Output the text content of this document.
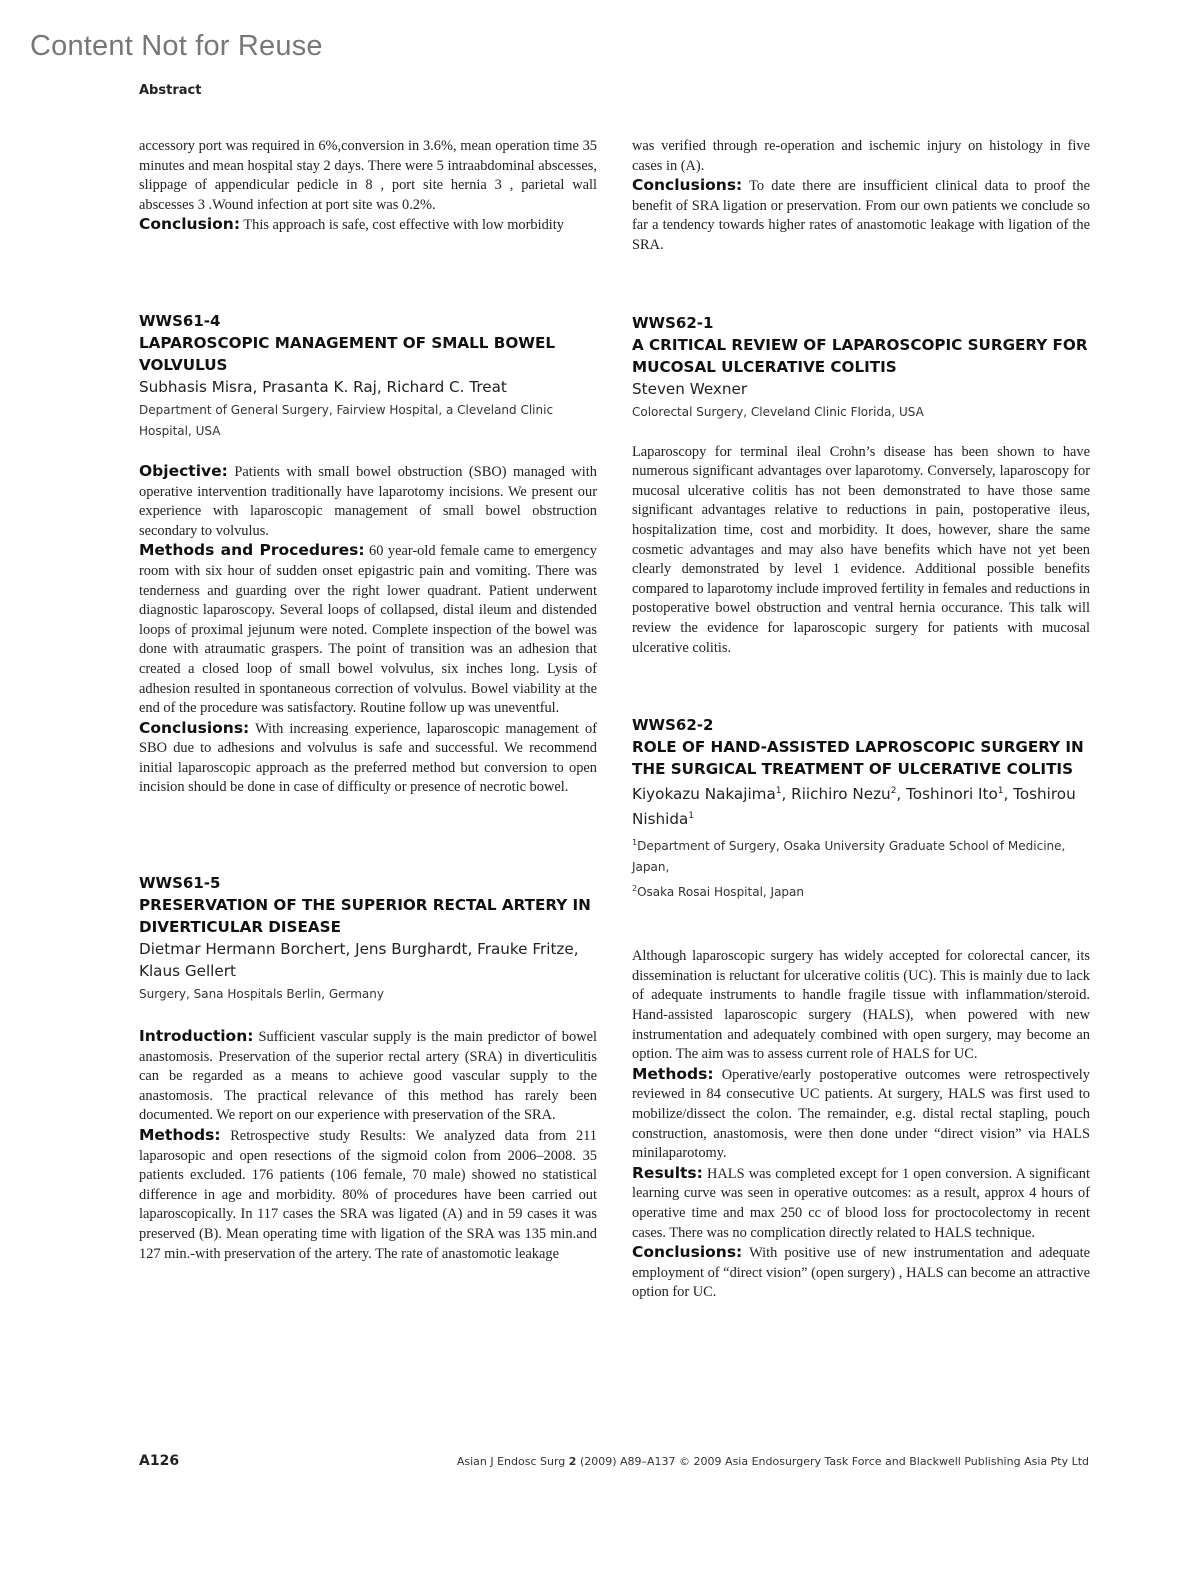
Content Not for Reuse
Abstract

accessory port was required in 6%,conversion in 3.6%, mean operation time 35 minutes and mean hospital stay 2 days. There were 5 intraabdominal abscesses, slippage of appendicular pedicle in 8 , port site hernia 3 , parietal wall abscesses 3 .Wound infection at port site was 0.2%.

Conclusion: This approach is safe, cost effective with low morbidity

WWS61-4

LAPAROSCOPIC MANAGEMENT OF SMALL BOWEL VOLVULUS

Subhasis Misra, Prasanta K. Raj, Richard C. Treat

Department of General Surgery, Fairview Hospital, a Cleveland Clinic Hospital, USA

Objective: Patients with small bowel obstruction (SBO) managed with operative intervention traditionally have laparotomy incisions. We present our experience with laparoscopic management of small bowel obstruction secondary to volvulus.

Methods and Procedures: 60 year-old female came to emergency room with six hour of sudden onset epigastric pain and vomiting. There was tenderness and guarding over the right lower quadrant. Patient underwent diagnostic laparoscopy. Several loops of collapsed, distal ileum and distended loops of proximal jejunum were noted. Complete inspection of the bowel was done with atraumatic graspers. The point of transition was an adhesion that created a closed loop of small bowel volvulus, six inches long. Lysis of adhesion resulted in spontaneous correction of volvulus. Bowel viability at the end of the procedure was satisfactory. Routine follow up was uneventful.

Conclusions: With increasing experience, laparoscopic management of SBO due to adhesions and volvulus is safe and successful. We recommend initial laparoscopic approach as the preferred method but conversion to open incision should be done in case of difficulty or presence of necrotic bowel.

WWS61-5

PRESERVATION OF THE SUPERIOR RECTAL ARTERY IN DIVERTICULAR DISEASE

Dietmar Hermann Borchert, Jens Burghardt, Frauke Fritze, Klaus Gellert

Surgery, Sana Hospitals Berlin, Germany

Introduction: Sufficient vascular supply is the main predictor of bowel anastomosis. Preservation of the superior rectal artery (SRA) in diverticulitis can be regarded as a means to achieve good vascular supply to the anastomosis. The practical relevance of this method has rarely been documented. We report on our experience with preservation of the SRA.

Methods: Retrospective study Results: We analyzed data from 211 laparosopic and open resections of the sigmoid colon from 2006–2008. 35 patients excluded. 176 patients (106 female, 70 male) showed no statistical difference in age and morbidity. 80% of procedures have been carried out laparoscopically. In 117 cases the SRA was ligated (A) and in 59 cases it was preserved (B). Mean operating time with ligation of the SRA was 135 min.and 127 min.-with preservation of the artery. The rate of anastomotic leakage

was verified through re-operation and ischemic injury on histology in five cases in (A).

Conclusions: To date there are insufficient clinical data to proof the benefit of SRA ligation or preservation. From our own patients we conclude so far a tendency towards higher rates of anastomotic leakage with ligation of the SRA.

WWS62-1

A CRITICAL REVIEW OF LAPAROSCOPIC SURGERY FOR MUCOSAL ULCERATIVE COLITIS

Steven Wexner

Colorectal Surgery, Cleveland Clinic Florida, USA

Laparoscopy for terminal ileal Crohn’s disease has been shown to have numerous significant advantages over laparotomy. Conversely, laparoscopy for mucosal ulcerative colitis has not been demonstrated to have those same significant advantages relative to reductions in pain, postoperative ileus, hospitalization time, cost and morbidity. It does, however, share the same cosmetic advantages and may also have benefits which have not yet been clearly demonstrated by level 1 evidence. Additional possible benefits compared to laparotomy include improved fertility in females and reductions in postoperative bowel obstruction and ventral hernia occurance. This talk will review the evidence for laparoscopic surgery for patients with mucosal ulcerative colitis.

WWS62-2

ROLE OF HAND-ASSISTED LAPROSCOPIC SURGERY IN THE SURGICAL TREATMENT OF ULCERATIVE COLITIS

Kiyokazu Nakajima$^1$, Riichiro Nezu$^2$, Toshinori Ito$^1$, Toshirou Nishida$^1$

$^1$Department of Surgery, Osaka University Graduate School of Medicine, Japan,
$^2$Osaka Rosai Hospital, Japan

Although laparoscopic surgery has widely accepted for colorectal cancer, its dissemination is reluctant for ulcerative colitis (UC). This is mainly due to lack of adequate instruments to handle fragile tissue with inflammation/steroid. Hand-assisted laparoscopic surgery (HALS), when powered with new instrumentation and adequately combined with open surgery, may become an option. The aim was to assess current role of HALS for UC.

Methods: Operative/early postoperative outcomes were retrospectively reviewed in 84 consecutive UC patients. At surgery, HALS was first used to mobilize/dissect the colon. The remainder, e.g. distal rectal stapling, pouch construction, anastomosis, were then done under “direct vision” via HALS minilaparotomy.

Results: HALS was completed except for 1 open conversion. A significant learning curve was seen in operative outcomes: as a result, approx 4 hours of operative time and max 250 cc of blood loss for proctocolectomy in recent cases. There was no complication directly related to HALS technique.

Conclusions: With positive use of new instrumentation and adequate employment of “direct vision” (open surgery) , HALS can become an attractive option for UC.

A126	Asian J Endosc Surg 2 (2009) A89–A137 © 2009 Asia Endosurgery Task Force and Blackwell Publishing Asia Pty Ltd
